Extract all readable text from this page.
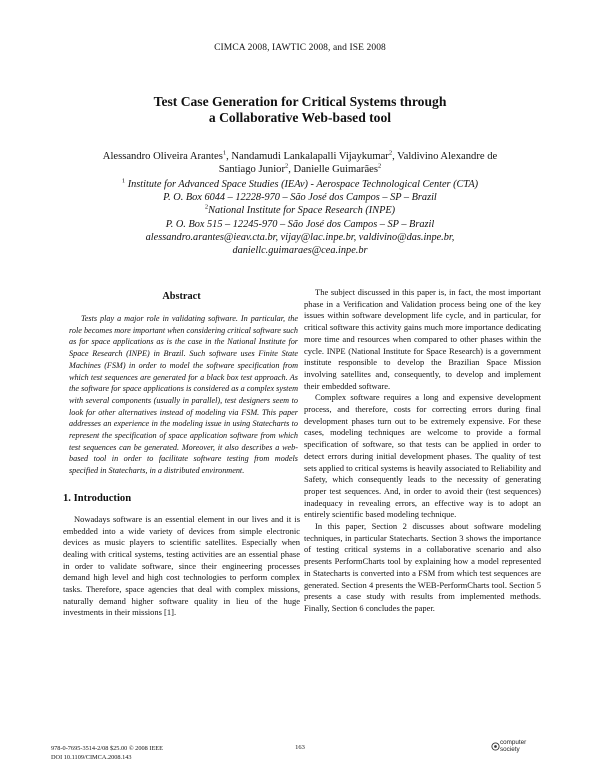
CIMCA 2008, IAWTIC 2008, and ISE 2008
Test Case Generation for Critical Systems through
a Collaborative Web-based tool
Alessandro Oliveira Arantes$^1$, Nandamudi Lankalapalli Vijaykumar$^2$, Valdivino Alexandre de
Santiago Junior$^2$, Danielle Guimarães$^2$
$^1$ Institute for Advanced Space Studies (IEAv) - Aerospace Technological Center (CTA)
P. O. Box 6044 – 12228-970 – São José dos Campos – SP – Brazil
$^2$National Institute for Space Research (INPE)
P. O. Box 515 – 12245-970 – São José dos Campos – SP – Brazil
alessandro.arantes@ieav.cta.br, vijay@lac.inpe.br, valdivino@das.inpe.br,
daniellc.guimaraes@cea.inpe.br
Abstract

Tests play a major role in validating software. In particular, the role becomes more important when considering critical software such as for space applications as is the case in the National Institute for Space Research (INPE) in Brazil. Such software uses Finite State Machines (FSM) in order to model the software specification from which test sequences are generated for a black box test approach. As the software for space applications is considered as a complex system with several components (usually in parallel), test designers seem to look for other alternatives instead of modeling via FSM. This paper addresses an experience in the modeling issue in using Statecharts to represent the specification of space application software from which test sequences can be generated. Moreover, it also describes a web-based tool in order to facilitate software testing from models specified in Statecharts, in a distributed environment.

1. Introduction

Nowadays software is an essential element in our lives and it is embedded into a wide variety of devices from simple electronic devices as music players to scientific satellites. Especially when dealing with critical systems, testing activities are an essential phase in order to validate software, since their engineering processes demand high level and high cost technologies to perform complex tasks. Therefore, space agencies that deal with complex missions, naturally demand higher software quality in lieu of the huge investments in their missions [1].

The subject discussed in this paper is, in fact, the most important phase in a Verification and Validation process being one of the key issues within software development life cycle, and in particular, for critical software this activity gains much more importance dedicating more time and resources when compared to other phases within the cycle. INPE (National Institute for Space Research) is a government institute responsible to develop the Brazilian Space Mission involving satellites and, consequently, to develop and implement their embedded software.

Complex software requires a long and expensive development process, and therefore, costs for correcting errors during final development phases turn out to be extremely expensive. For these cases, modeling techniques are welcome to provide a formal specification of software, so that tests can be applied in order to detect errors during initial development phases. The quality of test sets applied to critical systems is heavily associated to Reliability and Safety, which consequently leads to the necessity of generating proper test sequences. And, in order to avoid their (test sequences) inadequacy in revealing errors, an effective way is to adopt an entirely scientific based modeling technique.

In this paper, Section 2 discusses about software modeling techniques, in particular Statecharts. Section 3 shows the importance of testing critical systems in a collaborative scenario and also presents PerformCharts tool by explaining how a model represented in Statecharts is converted into a FSM from which test sequences are generated. Section 4 presents the WEB-PerformCharts tool. Section 5 presents a case study with results from implemented methods. Finally, Section 6 concludes the paper.

978-0-7695-3514-2/08 $25.00 © 2008 IEEE
DOI 10.1109/CIMCA.2008.143
163
computer
society
